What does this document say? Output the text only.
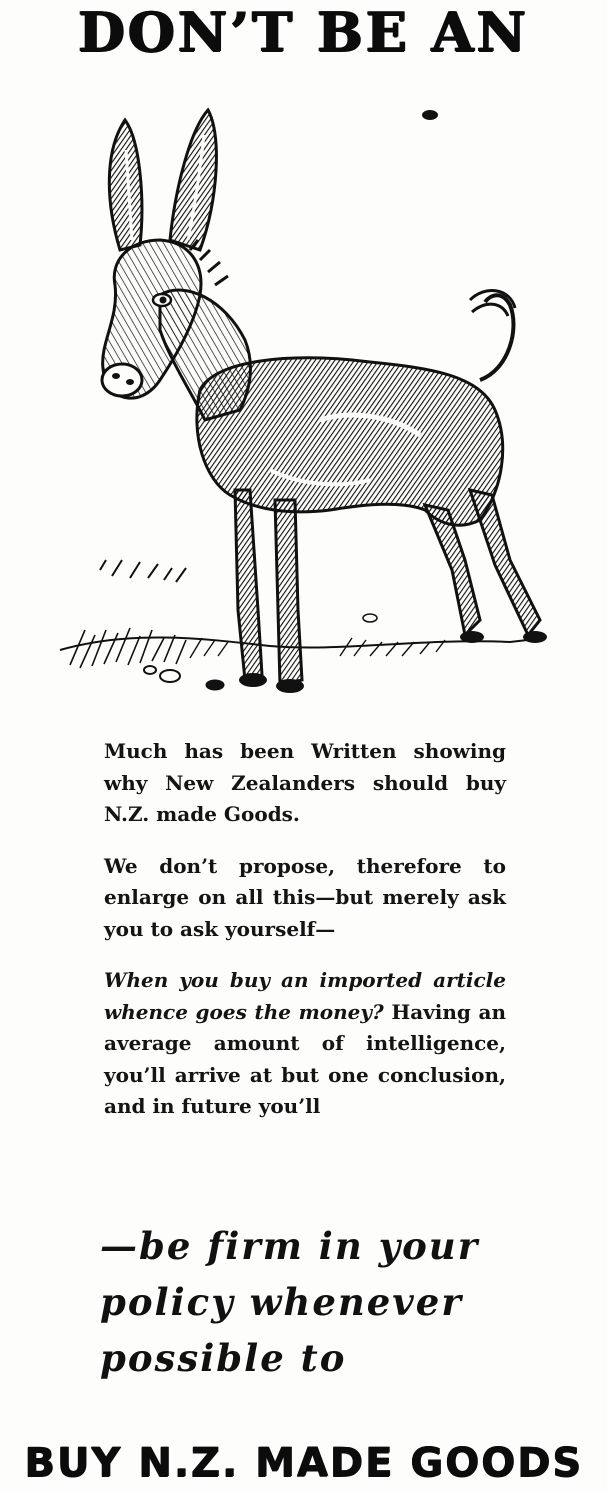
DON’T BE AN

Much has been Written showing why New Zealanders should buy N.Z. made Goods.

We don’t propose, therefore to enlarge on all this—but merely ask you to ask yourself—

When you buy an imported article whence goes the money? Having an average amount of intelligence, you’ll arrive at but one conclusion, and in future you’ll

—be firm in your
policy whenever
possible to
BUY N.Z. MADE GOODS
